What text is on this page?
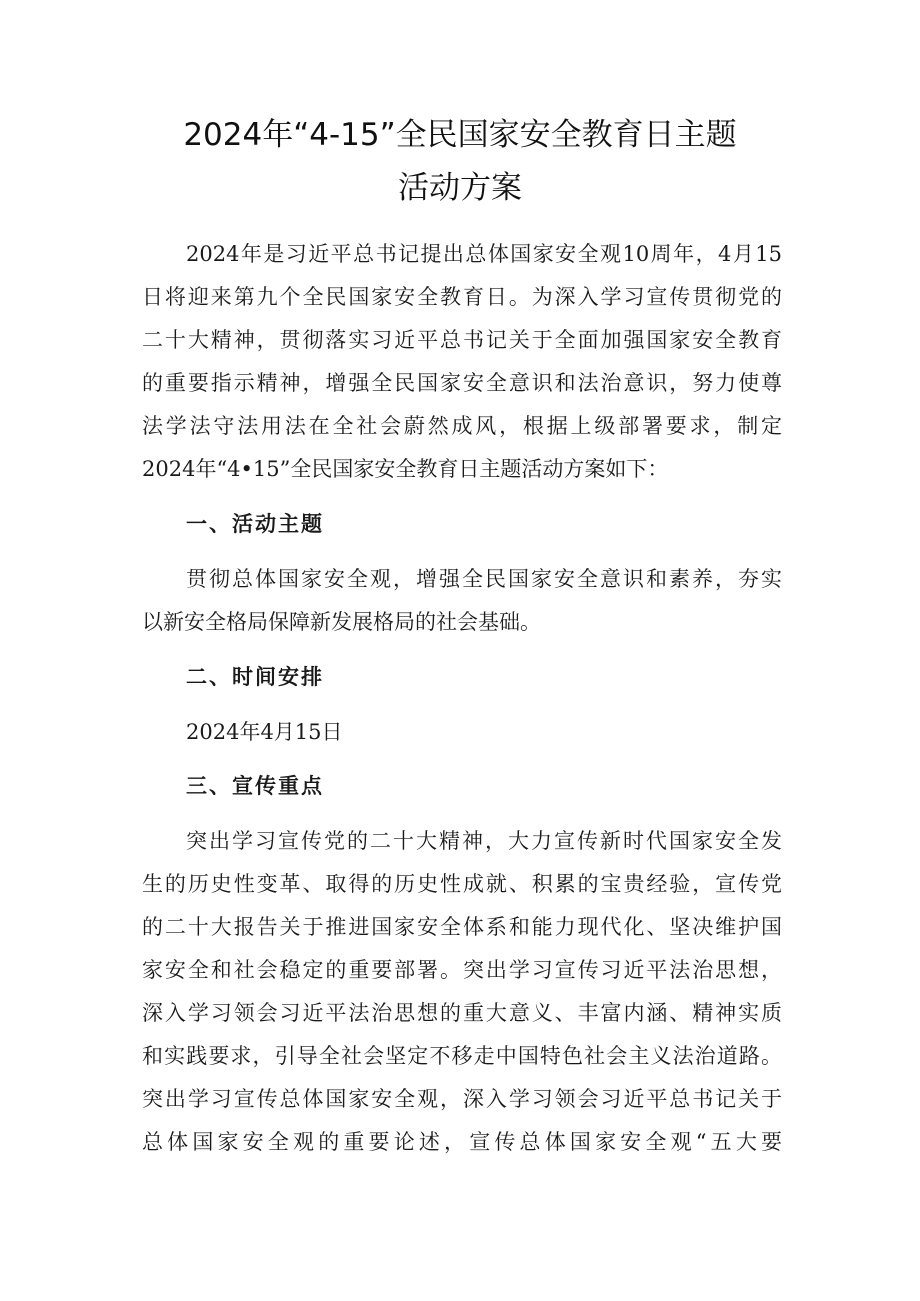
2024年“4-15”全民国家安全教育日主题
活动方案
2024年是习近平总书记提出总体国家安全观10周年，4月15
日将迎来第九个全民国家安全教育日。为深入学习宣传贯彻党的
二十大精神，贯彻落实习近平总书记关于全面加强国家安全教育
的重要指示精神，增强全民国家安全意识和法治意识，努力使尊
法学法守法用法在全社会蔚然成风，根据上级部署要求，制定
2024年“4•15”全民国家安全教育日主题活动方案如下：
一、活动主题
贯彻总体国家安全观，增强全民国家安全意识和素养，夯实
以新安全格局保障新发展格局的社会基础。
二、时间安排
2024年4月15日
三、宣传重点
突出学习宣传党的二十大精神，大力宣传新时代国家安全发
生的历史性变革、取得的历史性成就、积累的宝贵经验，宣传党
的二十大报告关于推进国家安全体系和能力现代化、坚决维护国
家安全和社会稳定的重要部署。突出学习宣传习近平法治思想，
深入学习领会习近平法治思想的重大意义、丰富内涵、精神实质
和实践要求，引导全社会坚定不移走中国特色社会主义法治道路。
突出学习宣传总体国家安全观，深入学习领会习近平总书记关于
总体国家安全观的重要论述，宣传总体国家安全观“五大要
